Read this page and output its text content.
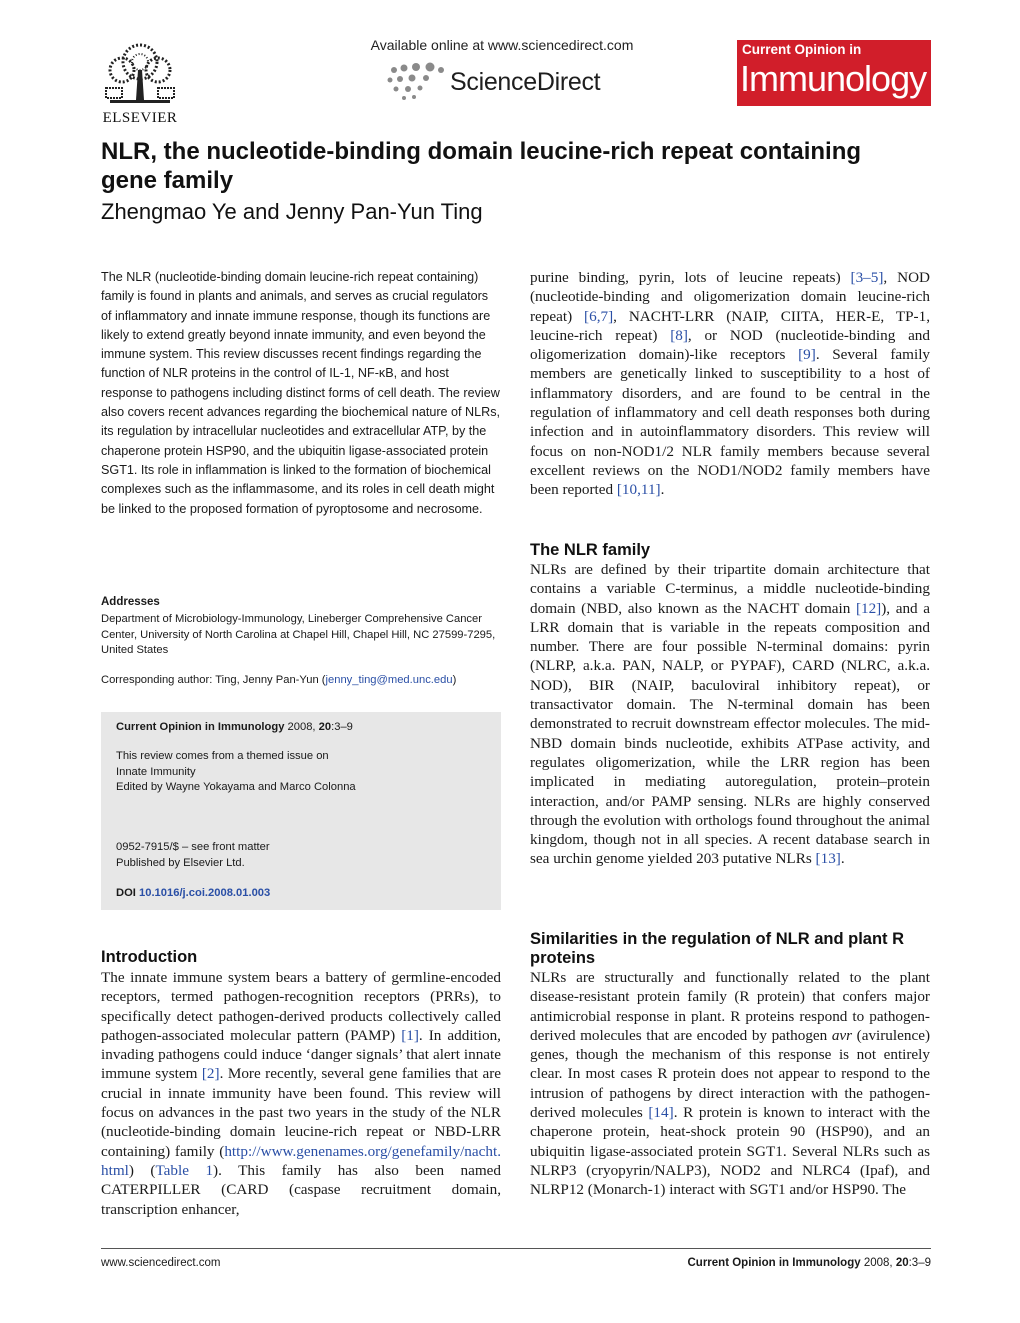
ELSEVIER
Available online at www.sciencedirect.com
ScienceDirect
Current Opinion in
Immunology
NLR, the nucleotide-binding domain leucine-rich repeat containing gene family
Zhengmao Ye and Jenny Pan-Yun Ting

The NLR (nucleotide-binding domain leucine-rich repeat containing) family is found in plants and animals, and serves as crucial regulators of inflammatory and innate immune response, though its functions are likely to extend greatly beyond innate immunity, and even beyond the immune system. This review discusses recent findings regarding the function of NLR proteins in the control of IL-1, NF-κB, and host response to pathogens including distinct forms of cell death. The review also covers recent advances regarding the biochemical nature of NLRs, its regulation by intracellular nucleotides and extracellular ATP, by the chaperone protein HSP90, and the ubiquitin ligase-associated protein SGT1. Its role in inflammation is linked to the formation of biochemical complexes such as the inflammasome, and its roles in cell death might be linked to the proposed formation of pyroptosome and necrosome.

Addresses
Department of Microbiology-Immunology, Lineberger Comprehensive Cancer Center, University of North Carolina at Chapel Hill, Chapel Hill, NC 27599-7295, United States
Corresponding author: Ting, Jenny Pan-Yun (jenny_ting@med.unc.edu)
Current Opinion in Immunology 2008, 20:3–9
This review comes from a themed issue on
Innate Immunity
Edited by Wayne Yokayama and Marco Colonna
0952-7915/$ – see front matter
Published by Elsevier Ltd.
DOI 10.1016/j.coi.2008.01.003
Introduction

The innate immune system bears a battery of germline-encoded receptors, termed pathogen-recognition receptors (PRRs), to specifically detect pathogen-derived products collectively called pathogen-associated molecular pattern (PAMP) [1]. In addition, invading pathogens could induce ‘danger signals’ that alert innate immune system [2]. More recently, several gene families that are crucial in innate immunity have been found. This review will focus on advances in the past two years in the study of the NLR (nucleotide-binding domain leucine-rich repeat or NBD-LRR containing) family (http://www.genenames.org/genefamily/nacht.html) (Table 1). This family has also been named CATERPILLER (CARD (caspase recruitment domain, transcription enhancer,

purine binding, pyrin, lots of leucine repeats) [3–5], NOD (nucleotide-binding and oligomerization domain leucine-rich repeat) [6,7], NACHT-LRR (NAIP, CIITA, HER-E, TP-1, leucine-rich repeat) [8], or NOD (nucleotide-binding and oligomerization domain)-like receptors [9]. Several family members are genetically linked to susceptibility to a host of inflammatory disorders, and are found to be central in the regulation of inflammatory and cell death responses both during infection and in autoinflammatory disorders. This review will focus on non-NOD1/2 NLR family members because several excellent reviews on the NOD1/NOD2 family members have been reported [10,11].

The NLR family

NLRs are defined by their tripartite domain architecture that contains a variable C-terminus, a middle nucleotide-binding domain (NBD, also known as the NACHT domain [12]), and a LRR domain that is variable in the repeats composition and number. There are four possible N-terminal domains: pyrin (NLRP, a.k.a. PAN, NALP, or PYPAF), CARD (NLRC, a.k.a. NOD), BIR (NAIP, baculoviral inhibitory repeat), or transactivator domain. The N-terminal domain has been demonstrated to recruit downstream effector molecules. The mid-NBD domain binds nucleotide, exhibits ATPase activity, and regulates oligomerization, while the LRR region has been implicated in mediating autoregulation, protein–protein interaction, and/or PAMP sensing. NLRs are highly conserved through the evolution with orthologs found throughout the animal kingdom, though not in all species. A recent database search in sea urchin genome yielded 203 putative NLRs [13].

Similarities in the regulation of NLR and plant R proteins

NLRs are structurally and functionally related to the plant disease-resistant protein family (R protein) that confers major antimicrobial response in plant. R proteins respond to pathogen-derived molecules that are encoded by pathogen avr (avirulence) genes, though the mechanism of this response is not entirely clear. In most cases R protein does not appear to respond to the intrusion of pathogens by direct interaction with the pathogen-derived molecules [14]. R protein is known to interact with the chaperone protein, heat-shock protein 90 (HSP90), and an ubiquitin ligase-associated protein SGT1. Several NLRs such as NLRP3 (cryopyrin/NALP3), NOD2 and NLRC4 (Ipaf), and NLRP12 (Monarch-1) interact with SGT1 and/or HSP90. The

www.sciencedirect.com	Current Opinion in Immunology 2008, 20:3–9
